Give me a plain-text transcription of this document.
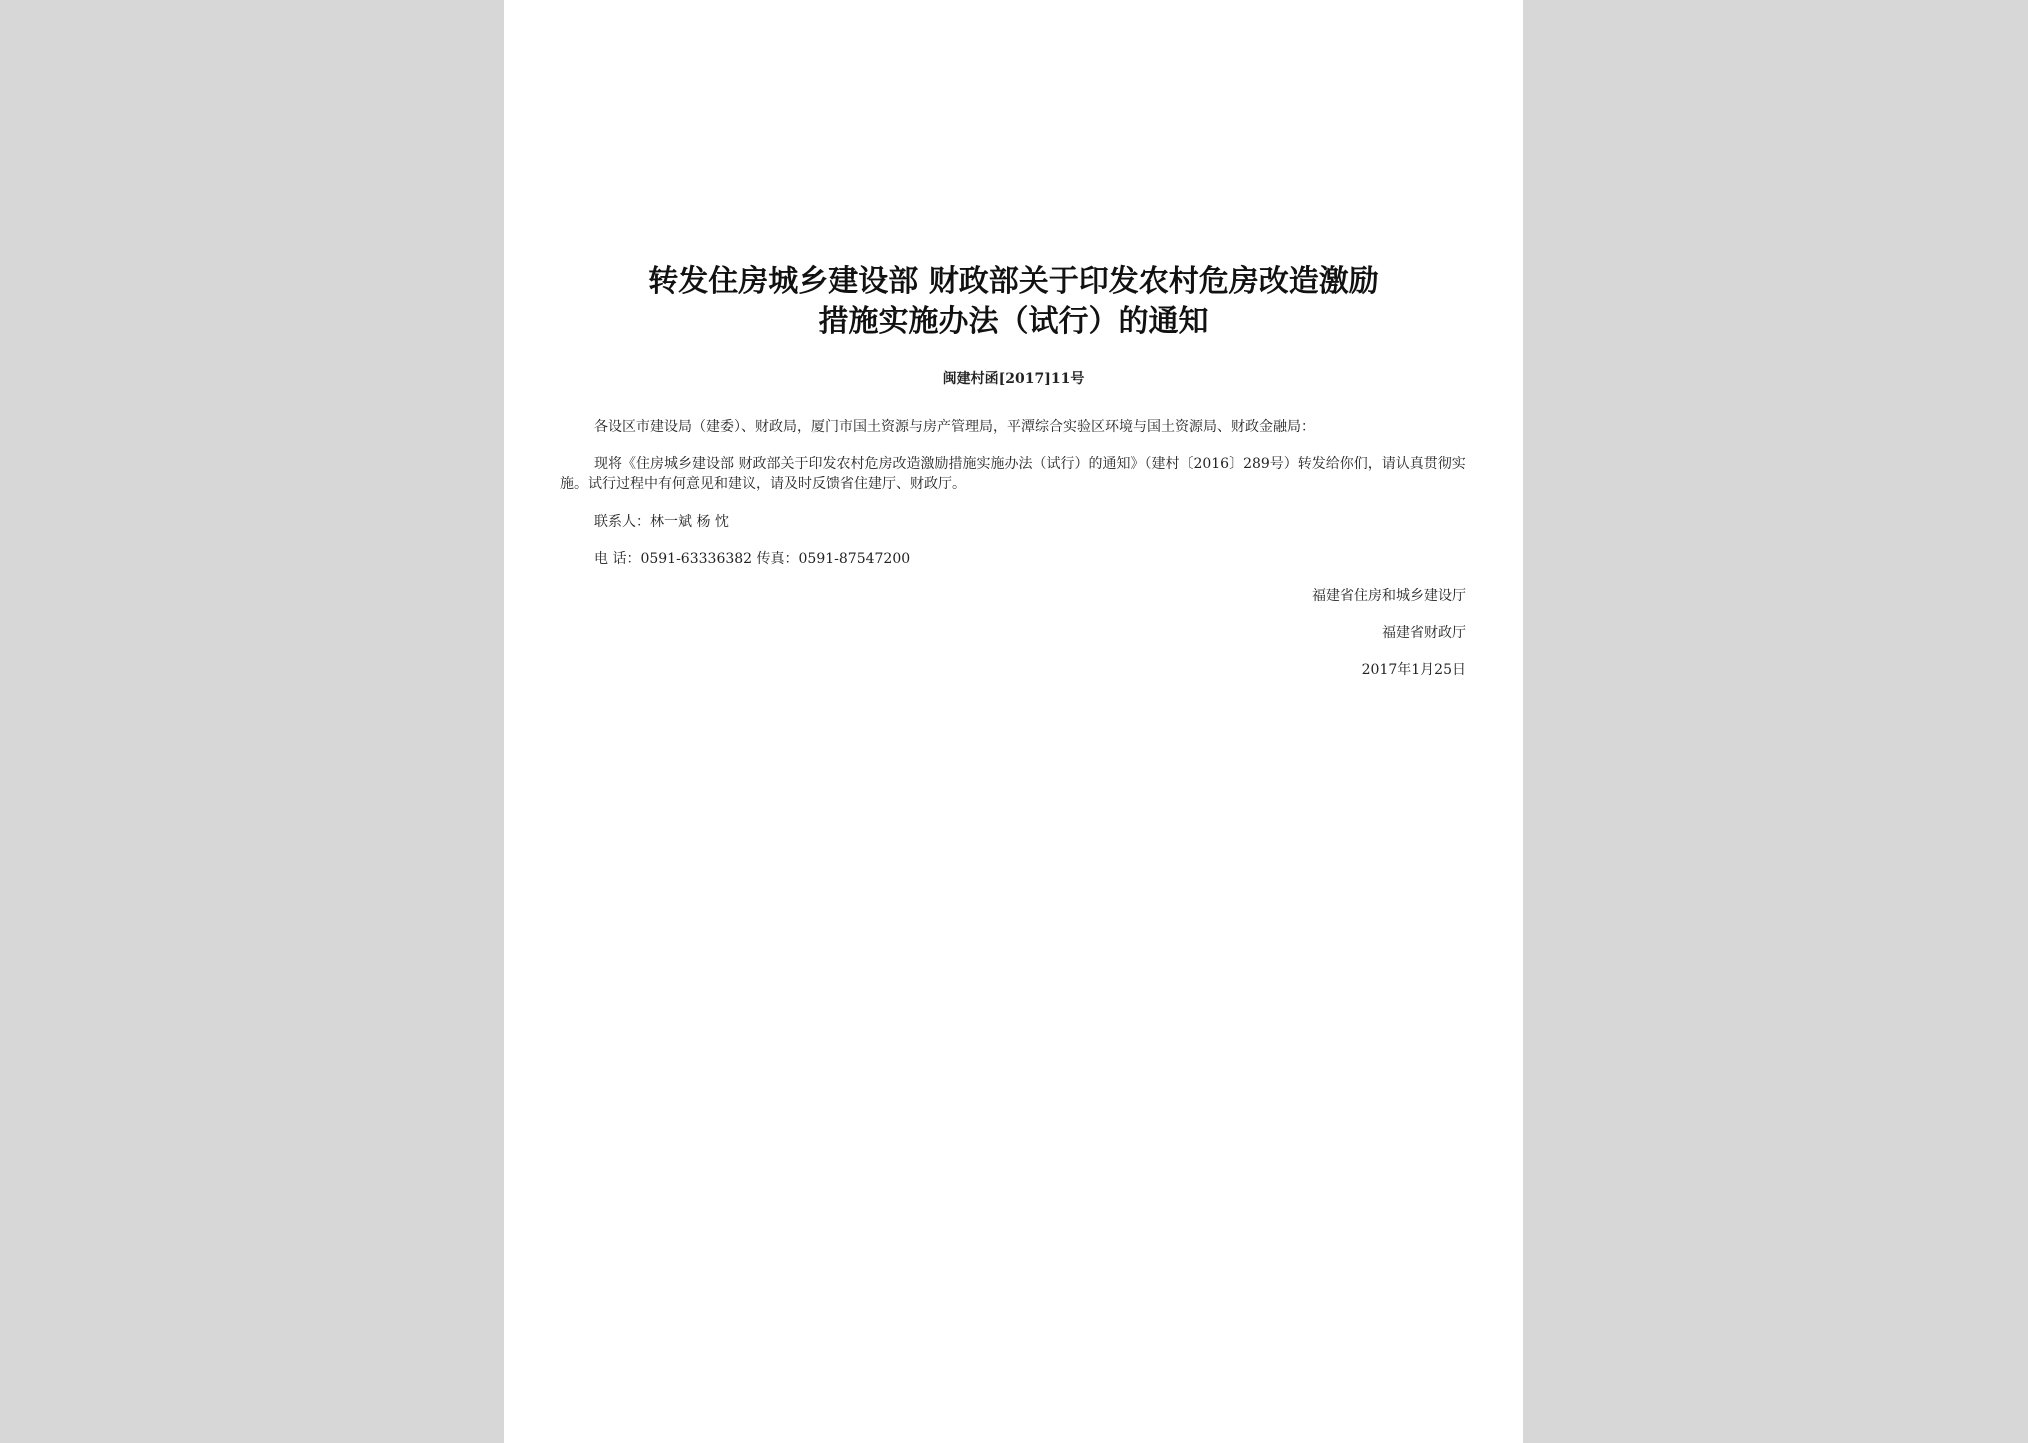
转发住房城乡建设部 财政部关于印发农村危房改造激励
措施实施办法（试行）的通知
闽建村函[2017]11号
各设区市建设局（建委）、财政局，厦门市国土资源与房产管理局，平潭综合实验区环境与国土资源局、财政金融局：
现将《住房城乡建设部 财政部关于印发农村危房改造激励措施实施办法（试行）的通知》（建村〔2016〕289号）转发给你们，请认真贯彻实施。试行过程中有何意见和建议，请及时反馈省住建厅、财政厅。
联系人：林一斌 杨 忱
电 话：0591-63336382 传真：0591-87547200
福建省住房和城乡建设厅
福建省财政厅
2017年1月25日
